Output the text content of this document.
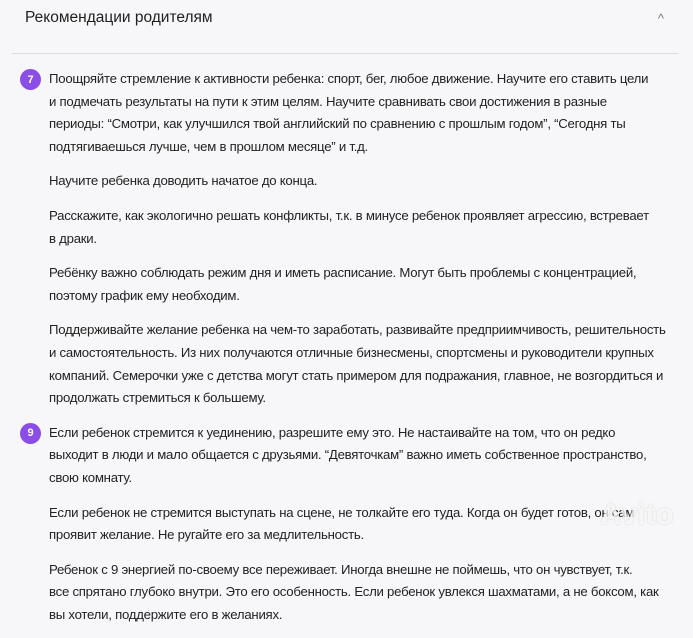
Рекомендации родителям	^
7	Поощряйте стремление к активности ребенка: спорт, бег, любое движение. Научите его ставить цели
и подмечать результаты на пути к этим целям. Научите сравнивать свои достижения в разные
периоды: “Смотри, как улучшился твой английский по сравнению с прошлым годом”, “Сегодня ты
подтягиваешься лучше, чем в прошлом месяце” и т.д.

Научите ребенка доводить начатое до конца.

Расскажите, как экологично решать конфликты, т.к. в минусе ребенок проявляет агрессию, встревает
в драки.

Ребёнку важно соблюдать режим дня и иметь расписание. Могут быть проблемы с концентрацией,
поэтому график ему необходим.

Поддерживайте желание ребенка на чем-то заработать, развивайте предприимчивость, решительность
и самостоятельность. Из них получаются отличные бизнесмены, спортсмены и руководители крупных
компаний. Семерочки уже с детства могут стать примером для подражания, главное, не возгордиться и
продолжать стремиться к большему.

9	Если ребенок стремится к уединению, разрешите ему это. Не настаивайте на том, что он редко
выходит в люди и мало общается с друзьями. “Девяточкам” важно иметь собственное пространство,
свою комнату.

Если ребенок не стремится выступать на сцене, не толкайте его туда. Когда он будет готов, он сам
проявит желание. Не ругайте его за медлительность.

Ребенок с 9 энергией по-своему все переживает. Иногда внешне не поймешь, что он чувствует, т.к.
все спрятано глубоко внутри. Это его особенность. Если ребенок увлекся шахматами, а не боксом, как
вы хотели, поддержите его в желаниях.

Avito
